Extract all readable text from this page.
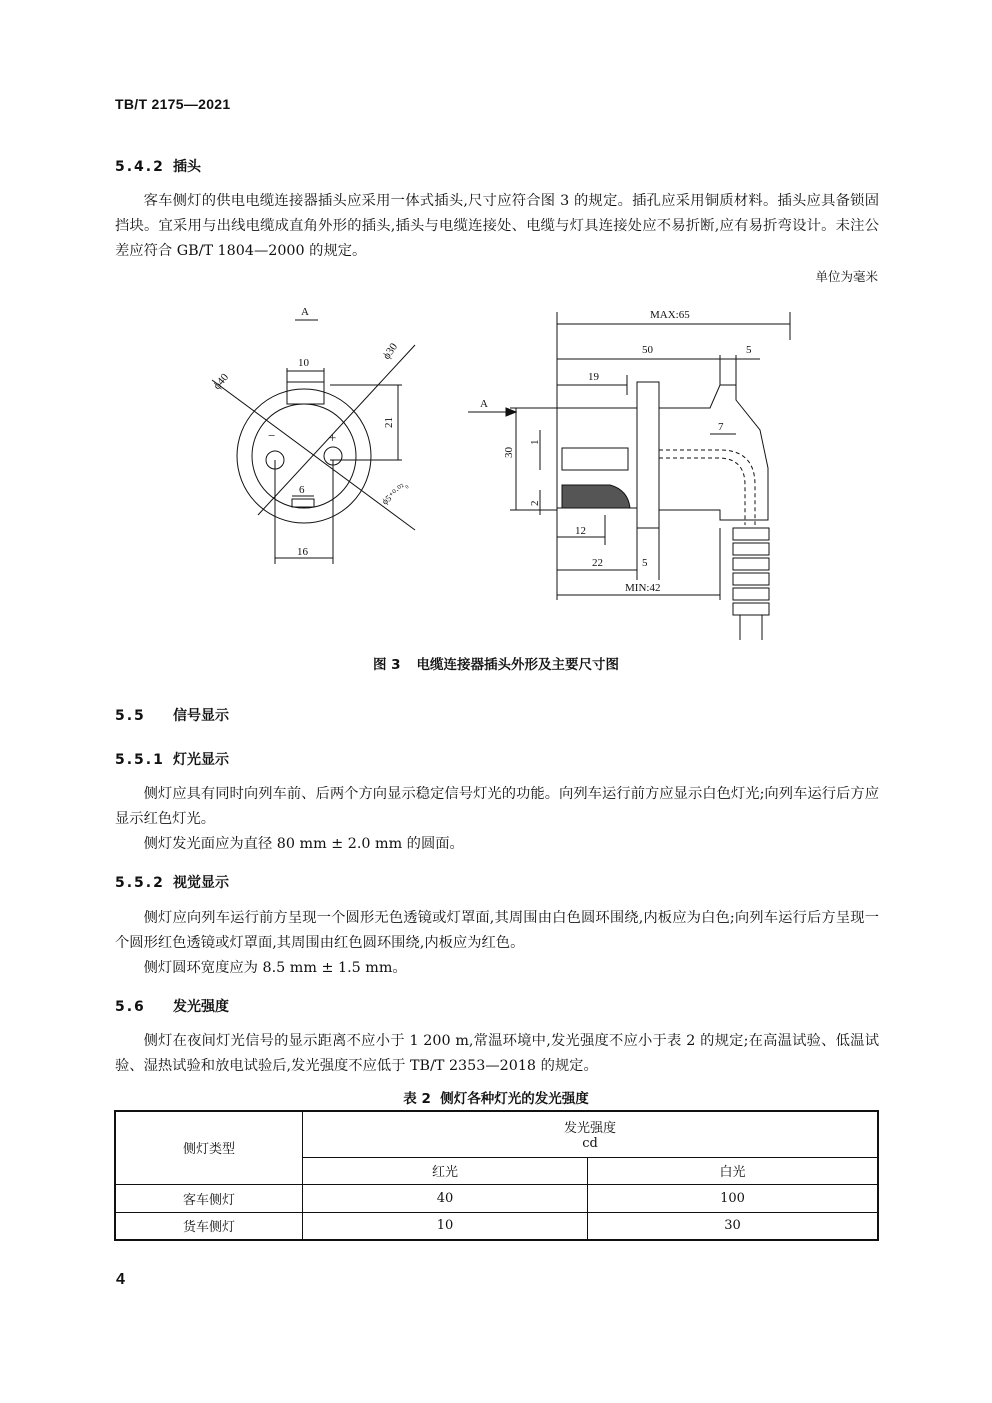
TB/T 2175—2021
5.4.2 插头

客车侧灯的供电电缆连接器插头应采用一体式插头,尺寸应符合图 3 的规定。插孔应采用铜质材料。插头应具备锁固挡块。宜采用与出线电缆成直角外形的插头,插头与电缆连接处、电缆与灯具连接处应不易折断,应有易折弯设计。未注公差应符合 GB/T 1804—2000 的规定。

单位为毫米
A
10
ϕ30
ϕ40
21
−	+
6	ϕ5⁺⁰·⁰²₀
16
A
MAX:65
50	5
19
7
30
1
2
12
22	5
MIN:42
图 3 电缆连接器插头外形及主要尺寸图
5.5 信号显示
5.5.1 灯光显示

侧灯应具有同时向列车前、后两个方向显示稳定信号灯光的功能。向列车运行前方应显示白色灯光;向列车运行后方应显示红色灯光。

侧灯发光面应为直径 80 mm ± 2.0 mm 的圆面。

5.5.2 视觉显示

侧灯应向列车运行前方呈现一个圆形无色透镜或灯罩面,其周围由白色圆环围绕,内板应为白色;向列车运行后方呈现一个圆形红色透镜或灯罩面,其周围由红色圆环围绕,内板应为红色。

侧灯圆环宽度应为 8.5 mm ± 1.5 mm。

5.6 发光强度

侧灯在夜间灯光信号的显示距离不应小于 1 200 m,常温环境中,发光强度不应小于表 2 的规定;在高温试验、低温试验、湿热试验和放电试验后,发光强度不应低于 TB/T 2353—2018 的规定。

表 2 侧灯各种灯光的发光强度
侧灯类型	发光强度
cd	

	红光	白光
客车侧灯	40	100
货车侧灯	10	30
4
